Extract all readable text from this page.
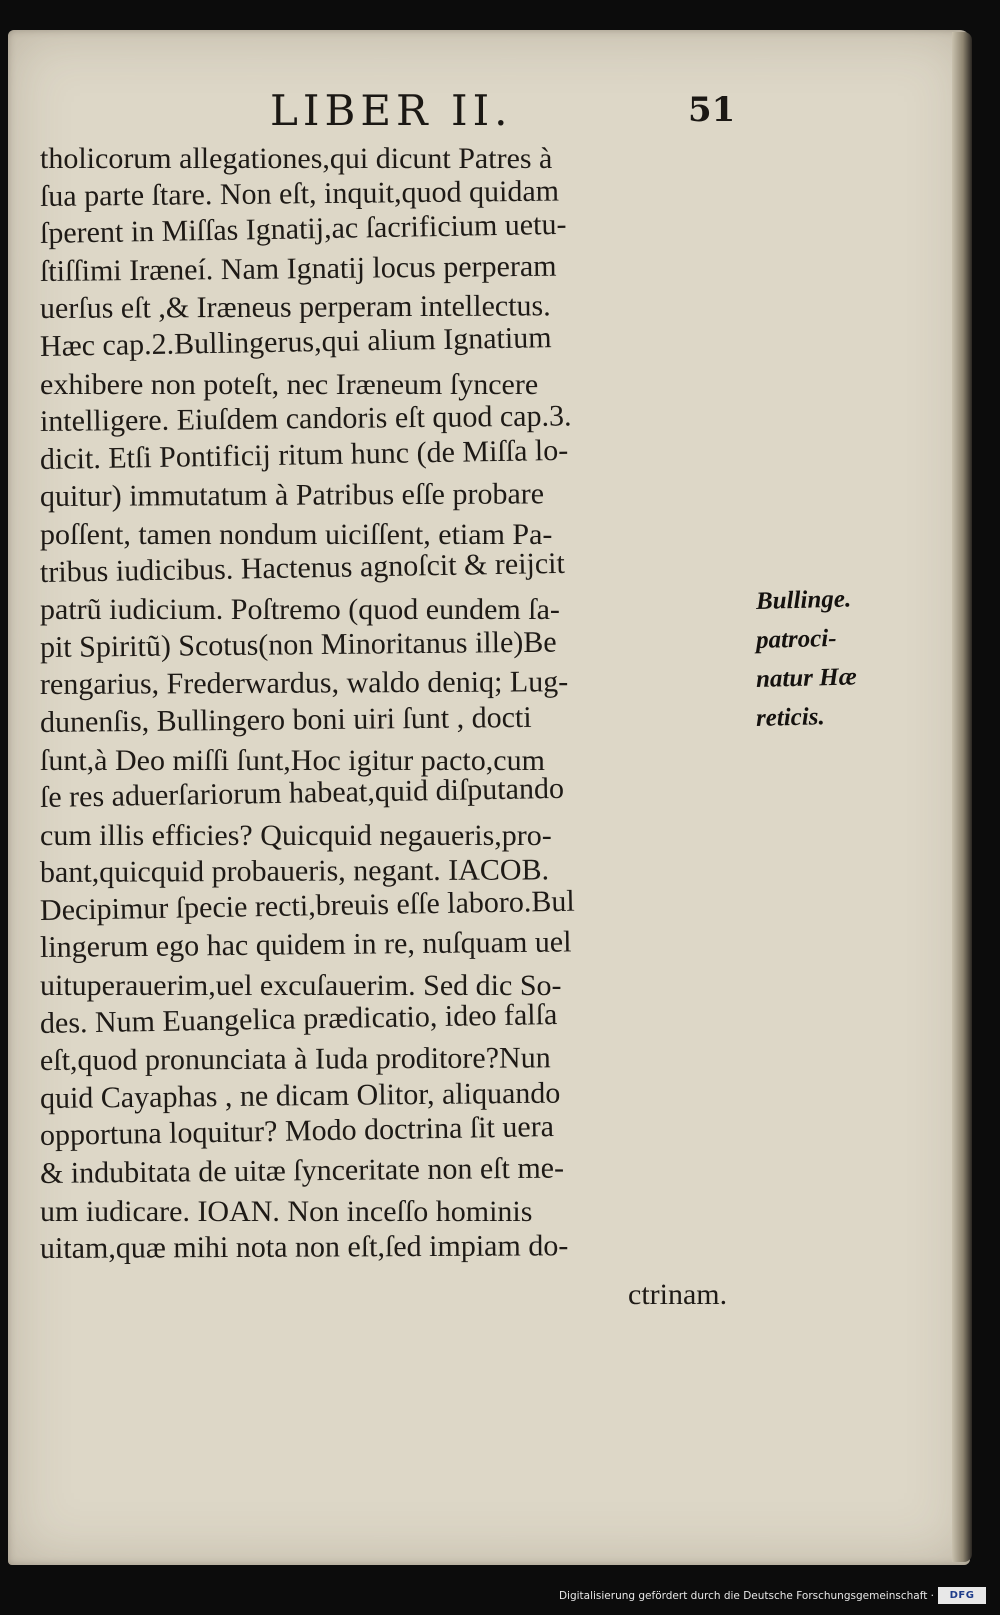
LIBER II.	51
tholicorum allegationes,qui dicunt Patres à
ſua parte ſtare. Non eſt, inquit,quod quidam
ſperent in Miſſas Ignatij,ac ſacrificium uetu-
ſtiſſimi Iræneí. Nam Ignatij locus perperam
uerſus eſt ,& Iræneus perperam intellectus.
Hæc cap.2.Bullingerus,qui alium Ignatium
exhibere non poteſt, nec Iræneum ſyncere
intelligere. Eiuſdem candoris eſt quod cap.3.
dicit. Etſi Pontificij ritum hunc (de Miſſa lo-
quitur) immutatum à Patribus eſſe probare
poſſent, tamen nondum uiciſſent, etiam Pa-
tribus iudicibus. Hactenus agnoſcit & reijcit
patrũ iudicium. Poſtremo (quod eundem ſa-
pit Spiritũ) Scotus(non Minoritanus ille)Be
rengarius, Frederwardus, waldo deniq; Lug-
dunenſis, Bullingero boni uiri ſunt , docti
ſunt,à Deo miſſi ſunt,Hoc igitur pacto,cum
ſe res aduerſariorum habeat,quid diſputando
cum illis efficies? Quicquid negaueris,pro-
bant,quicquid probaueris, negant. IACOB.
Decipimur ſpecie recti,breuis eſſe laboro.Bul
lingerum ego hac quidem in re, nuſquam uel
uituperauerim,uel excuſauerim. Sed dic So-
des. Num Euangelica prædicatio, ideo falſa
eſt,quod pronunciata à Iuda proditore?Nun
quid Cayaphas , ne dicam Olitor, aliquando
opportuna loquitur? Modo doctrina ſit uera
& indubitata de uitæ ſynceritate non eſt me-
um iudicare. IOAN. Non inceſſo hominis
uitam,quæ mihi nota non eſt,ſed impiam do-
ctrinam.
Bullinge.
patroci-
natur Hæ
reticis.
Digitalisierung gefördert durch die Deutsche Forschungsgemeinschaft ·	DFG
